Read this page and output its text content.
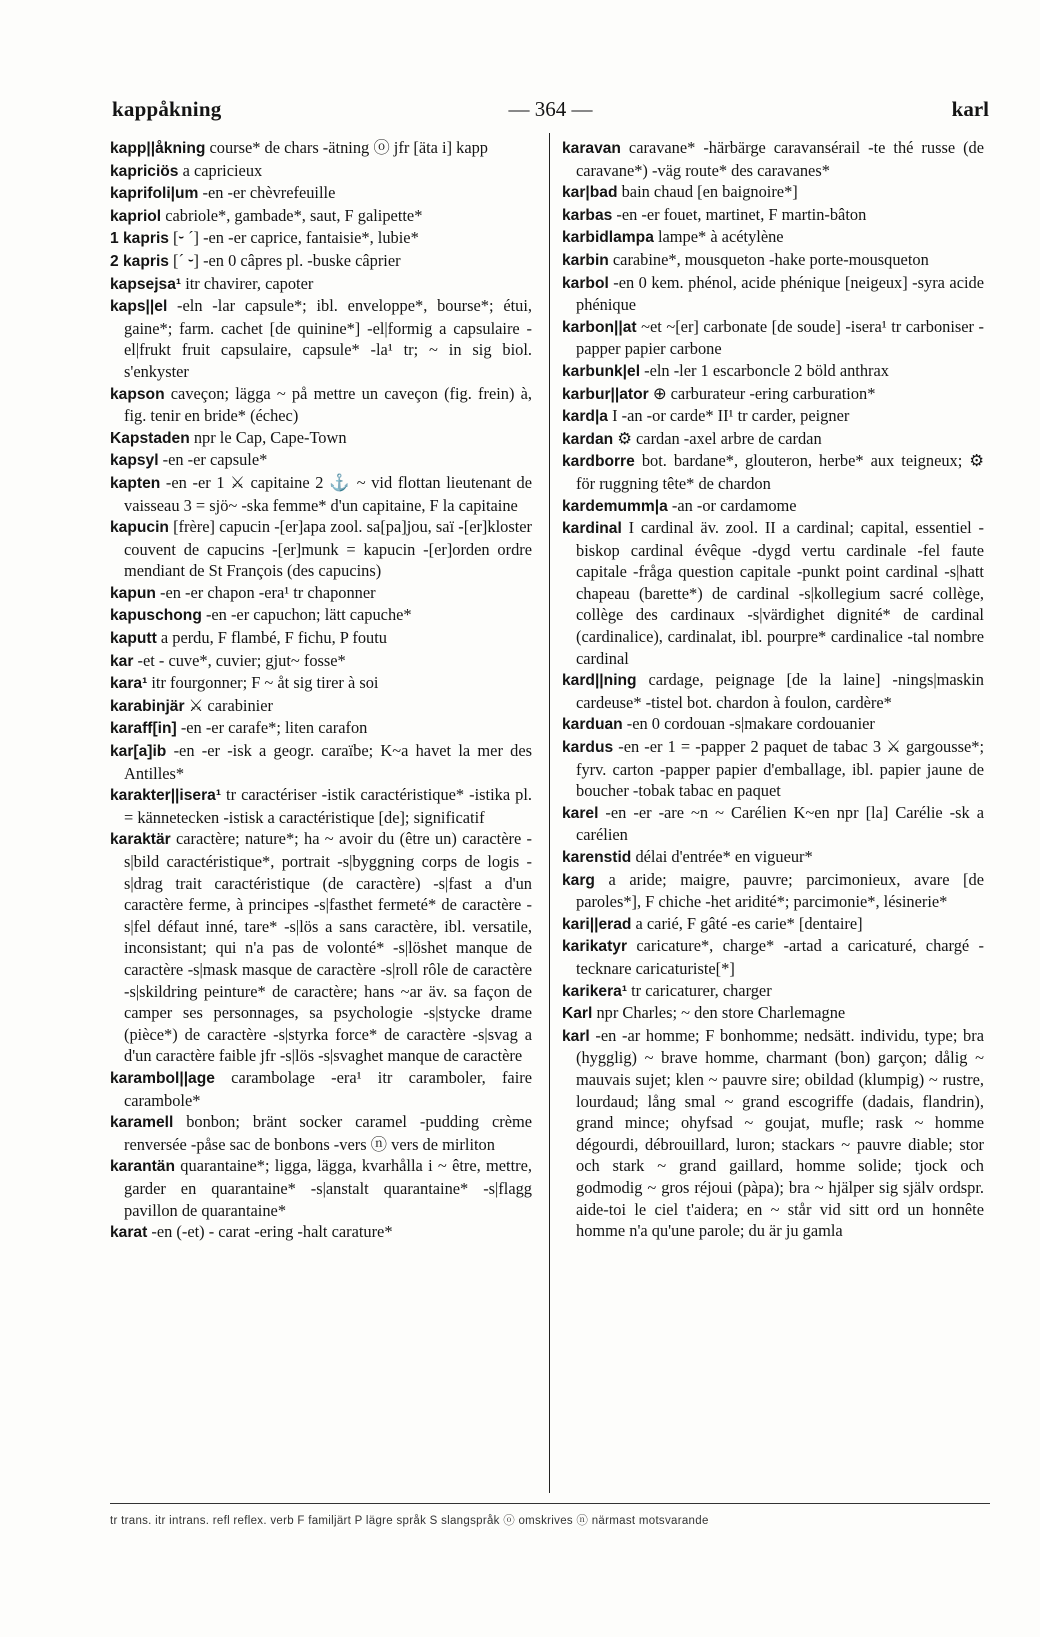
kappåkning	— 364 —	karl

kapp||åkning course* de chars -ätning ⓞ jfr [äta i] kapp

kapriciös a capricieux

kaprifoli|um -en -er chèvrefeuille

kapriol cabriole*, gambade*, saut, F galipette*

1 kapris [⏑ ˊ] -en -er caprice, fantaisie*, lubie*

2 kapris [ˊ ⏑] -en 0 câpres pl. -buske câprier

kapsejsa¹ itr chavirer, capoter

kaps||el -eln -lar capsule*; ibl. enveloppe*, bourse*; étui, gaine*; farm. cachet [de quinine*] -el|formig a capsulaire -el|frukt fruit capsulaire, capsule* -la¹ tr; ~ in sig biol. s'enkyster

kapson caveçon; lägga ~ på mettre un caveçon (fig. frein) à, fig. tenir en bride* (échec)

Kapstaden npr le Cap, Cape-Town

kapsyl -en -er capsule*

kapten -en -er 1 ⚔ capitaine 2 ⚓ ~ vid flottan lieutenant de vaisseau 3 = sjö~ -ska femme* d'un capitaine, F la capitaine

kapucin [frère] capucin -[er]apa zool. sa[pa]jou, saï -[er]kloster couvent de capucins -[er]munk = kapucin -[er]orden ordre mendiant de St François (des capucins)

kapun -en -er chapon -era¹ tr chaponner

kapuschong -en -er capuchon; lätt capuche*

kaputt a perdu, F flambé, F fichu, P foutu

kar -et - cuve*, cuvier; gjut~ fosse*

kara¹ itr fourgonner; F ~ åt sig tirer à soi

karabinjär ⚔ carabinier

karaff[in] -en -er carafe*; liten carafon

kar[a]ib -en -er -isk a geogr. caraïbe; K~a havet la mer des Antilles*

karakter||isera¹ tr caractériser -istik caractéristique* -istika pl. = kännetecken -istisk a caractéristique [de]; significatif

karaktär caractère; nature*; ha ~ avoir du (être un) caractère -s|bild caractéristique*, portrait -s|byggning corps de logis -s|drag trait caractéristique (de caractère) -s|fast a d'un caractère ferme, à principes -s|fasthet fermeté* de caractère -s|fel défaut inné, tare* -s|lös a sans caractère, ibl. versatile, inconsistant; qui n'a pas de volonté* -s|löshet manque de caractère -s|mask masque de caractère -s|roll rôle de caractère -s|skildring peinture* de caractère; hans ~ar äv. sa façon de camper ses personnages, sa psychologie -s|stycke drame (pièce*) de caractère -s|styrka force* de caractère -s|svag a d'un caractère faible jfr -s|lös -s|svaghet manque de caractère

karambol||age carambolage -era¹ itr caramboler, faire carambole*

karamell bonbon; bränt socker caramel -pudding crème renversée -påse sac de bonbons -vers ⓝ vers de mirliton

karantän quarantaine*; ligga, lägga, kvarhålla i ~ être, mettre, garder en quarantaine* -s|anstalt quarantaine* -s|flagg pavillon de quarantaine*

karat -en (-et) - carat -ering -halt carature*

karavan caravane* -härbärge caravansérail -te thé russe (de caravane*) -väg route* des caravanes*

kar|bad bain chaud [en baignoire*]

karbas -en -er fouet, martinet, F martin-bâton

karbidlampa lampe* à acétylène

karbin carabine*, mousqueton -hake porte-mousqueton

karbol -en 0 kem. phénol, acide phénique [neigeux] -syra acide phénique

karbon||at ~et ~[er] carbonate [de soude] -isera¹ tr carboniser -papper papier carbone

karbunk|el -eln -ler 1 escarboncle 2 böld anthrax

karbur||ator ⊕ carburateur -ering carburation*

kard|a I -an -or carde* II¹ tr carder, peigner

kardan ⚙ cardan -axel arbre de cardan

kardborre bot. bardane*, glouteron, herbe* aux teigneux; ⚙ för ruggning tête* de chardon

kardemumm|a -an -or cardamome

kardinal I cardinal äv. zool. II a cardinal; capital, essentiel -biskop cardinal évêque -dygd vertu cardinale -fel faute capitale -fråga question capitale -punkt point cardinal -s|hatt chapeau (barette*) de cardinal -s|kollegium sacré collège, collège des cardinaux -s|värdighet dignité* de cardinal (cardinalice), cardinalat, ibl. pourpre* cardinalice -tal nombre cardinal

kard||ning cardage, peignage [de la laine] -nings|maskin cardeuse* -tistel bot. chardon à foulon, cardère*

karduan -en 0 cordouan -s|makare cordouanier

kardus -en -er 1 = -papper 2 paquet de tabac 3 ⚔ gargousse*; fyrv. carton -papper papier d'emballage, ibl. papier jaune de boucher -tobak tabac en paquet

karel -en -er -are ~n ~ Carélien K~en npr [la] Carélie -sk a carélien

karenstid délai d'entrée* en vigueur*

karg a aride; maigre, pauvre; parcimonieux, avare [de paroles*], F chiche -het aridité*; parcimonie*, lésinerie*

kari||erad a carié, F gâté -es carie* [dentaire]

karikatyr caricature*, charge* -artad a caricaturé, chargé -tecknare caricaturiste[*]

karikera¹ tr caricaturer, charger

Karl npr Charles; ~ den store Charlemagne

karl -en -ar homme; F bonhomme; nedsätt. individu, type; bra (hygglig) ~ brave homme, charmant (bon) garçon; dålig ~ mauvais sujet; klen ~ pauvre sire; obildad (klumpig) ~ rustre, lourdaud; lång smal ~ grand escogriffe (dadais, flandrin), grand mince; ohyfsad ~ goujat, mufle; rask ~ homme dégourdi, débrouillard, luron; stackars ~ pauvre diable; stor och stark ~ grand gaillard, homme solide; tjock och godmodig ~ gros réjoui (pàpa); bra ~ hjälper sig själv ordspr. aide-toi le ciel t'aidera; en ~ står vid sitt ord un honnête homme n'a qu'une parole; du är ju gamla

tr trans. itr intrans. refl reflex. verb F familjärt P lägre språk S slangspråk ⓞ omskrives ⓝ närmast motsvarande
